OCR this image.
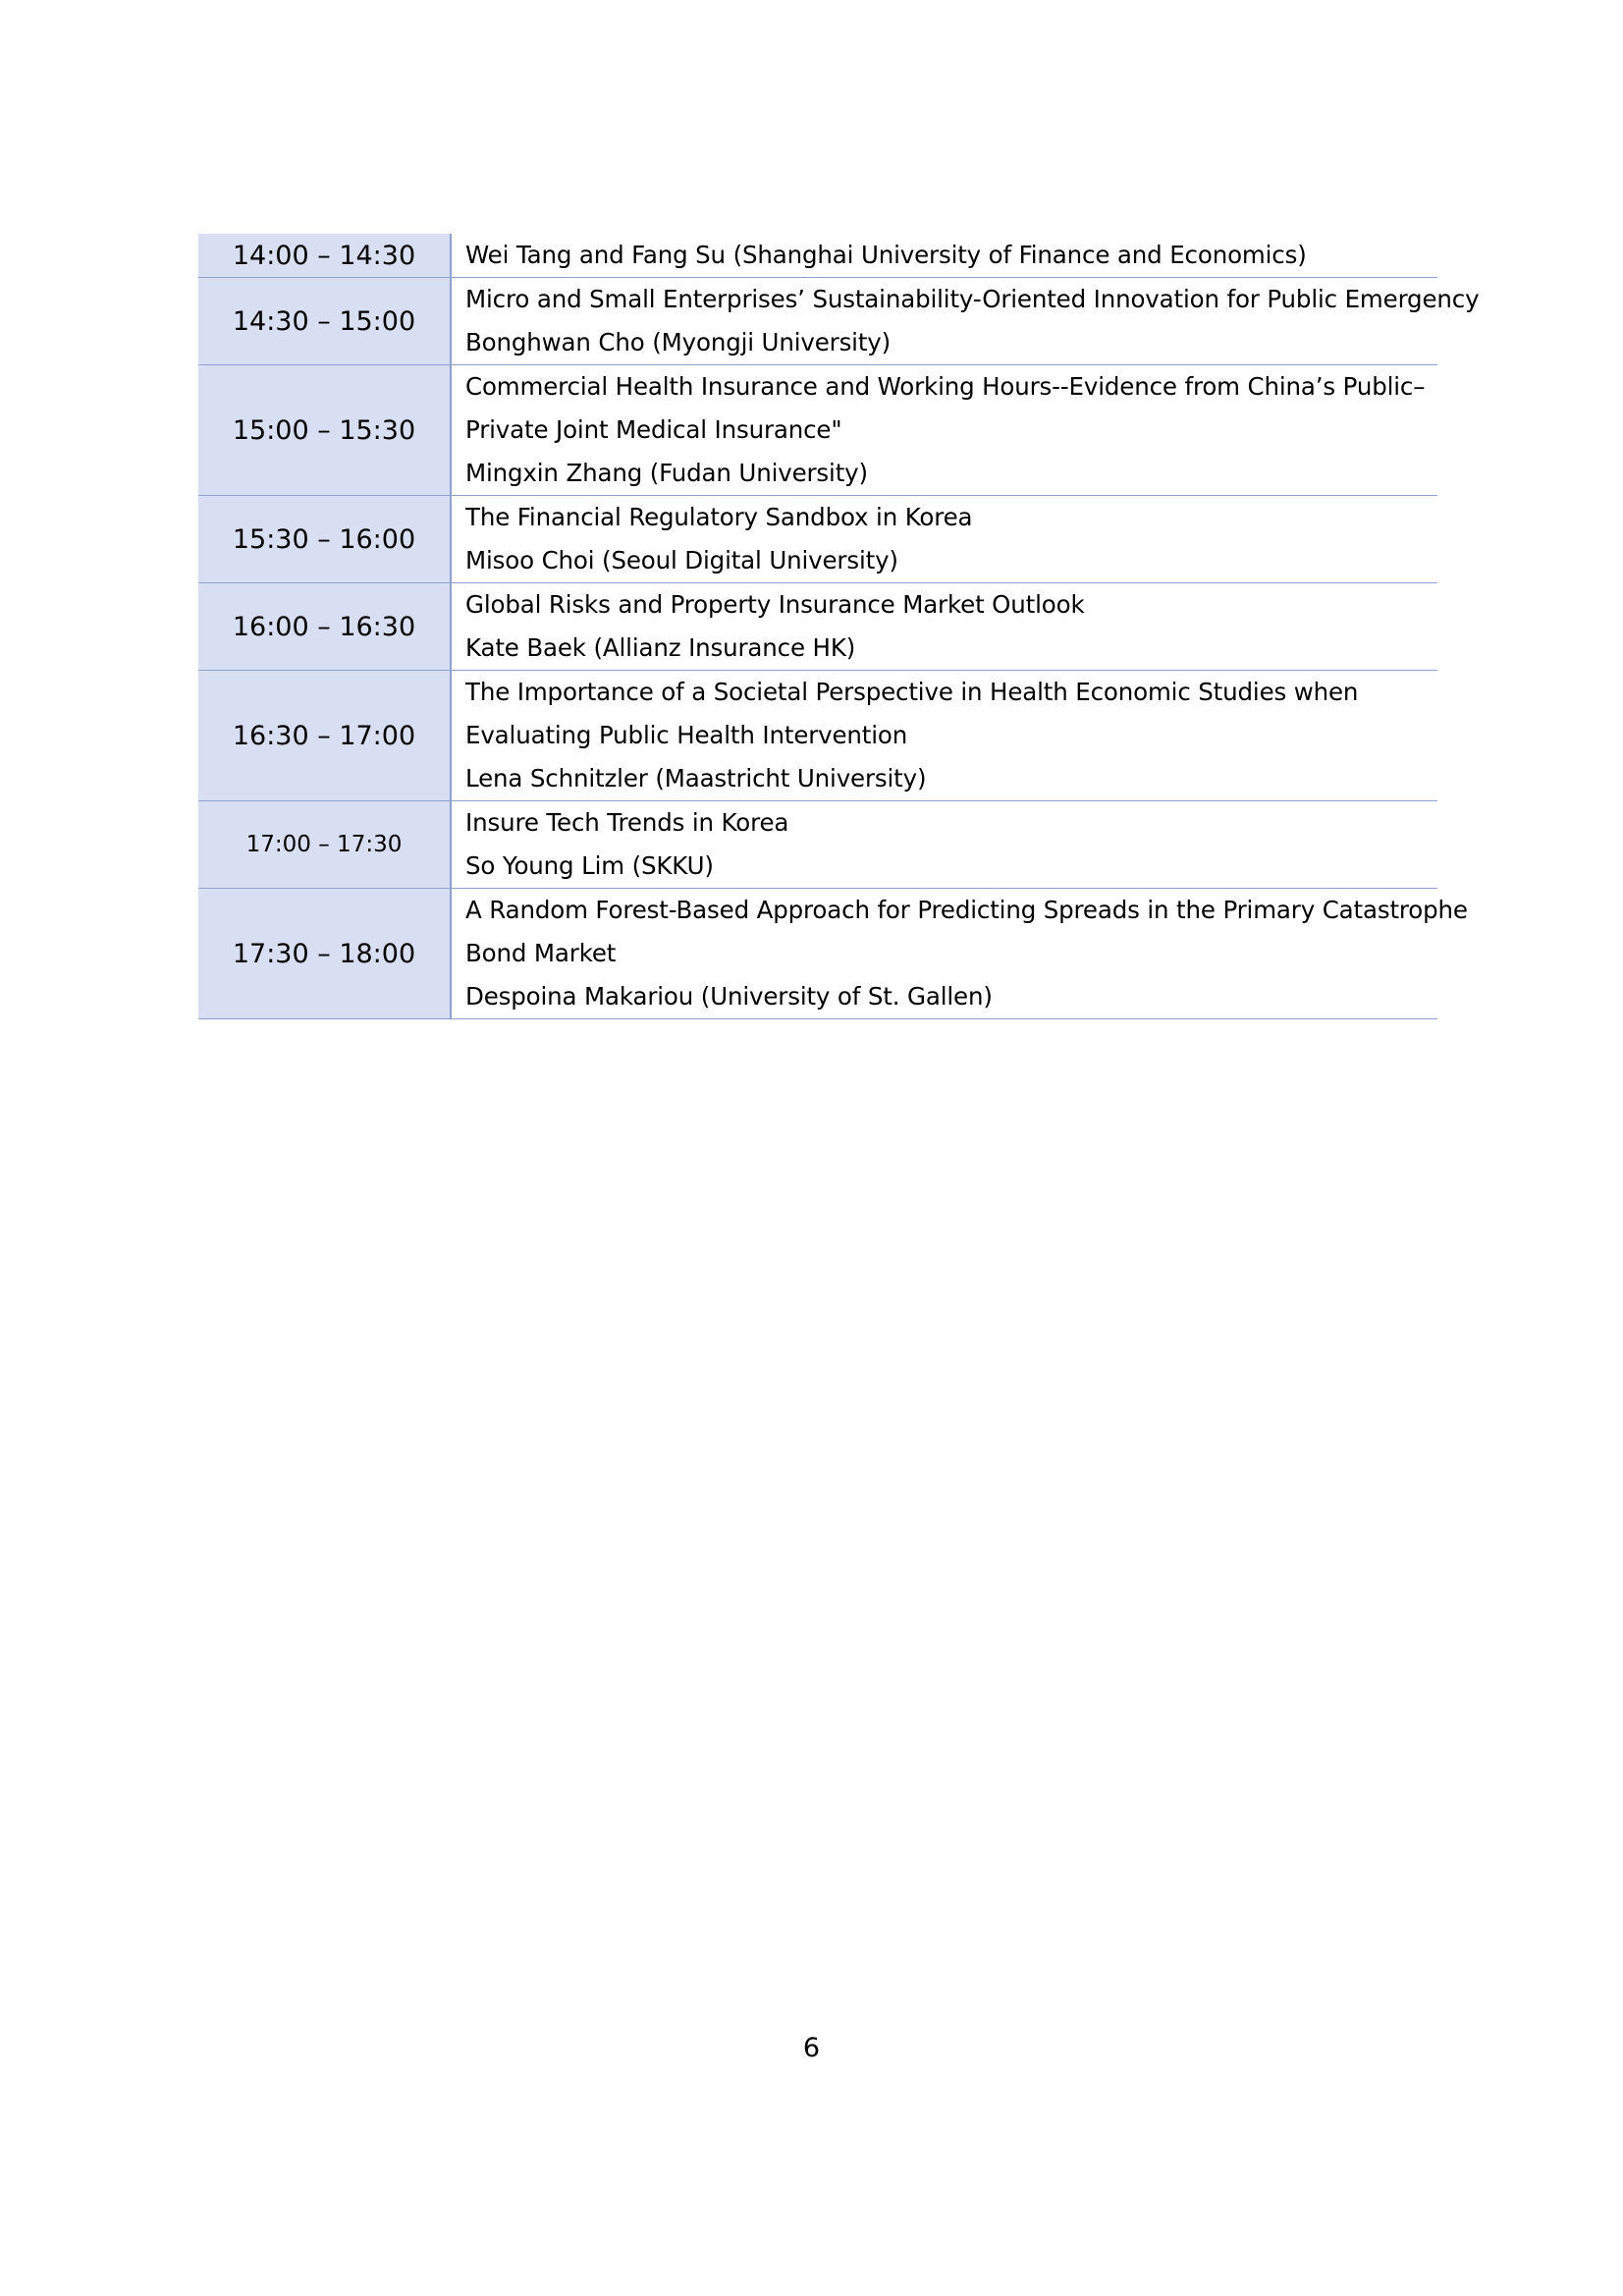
14:00 – 14:30	Wei Tang and Fang Su (Shanghai University of Finance and Economics)

14:30 – 15:00	Micro and Small Enterprises’ Sustainability-Oriented Innovation for Public Emergency
Bonghwan Cho (Myongji University)

15:00 – 15:30	Commercial Health Insurance and Working Hours--Evidence from China’s Public–
Private Joint Medical Insurance"
Mingxin Zhang (Fudan University)

15:30 – 16:00	The Financial Regulatory Sandbox in Korea
Misoo Choi (Seoul Digital University)

16:00 – 16:30	Global Risks and Property Insurance Market Outlook
Kate Baek (Allianz Insurance HK)

16:30 – 17:00	The Importance of a Societal Perspective in Health Economic Studies when
Evaluating Public Health Intervention
Lena Schnitzler (Maastricht University)

17:00 – 17:30	Insure Tech Trends in Korea
So Young Lim (SKKU)

17:30 – 18:00	A Random Forest-Based Approach for Predicting Spreads in the Primary Catastrophe
Bond Market
Despoina Makariou (University of St. Gallen)
6
